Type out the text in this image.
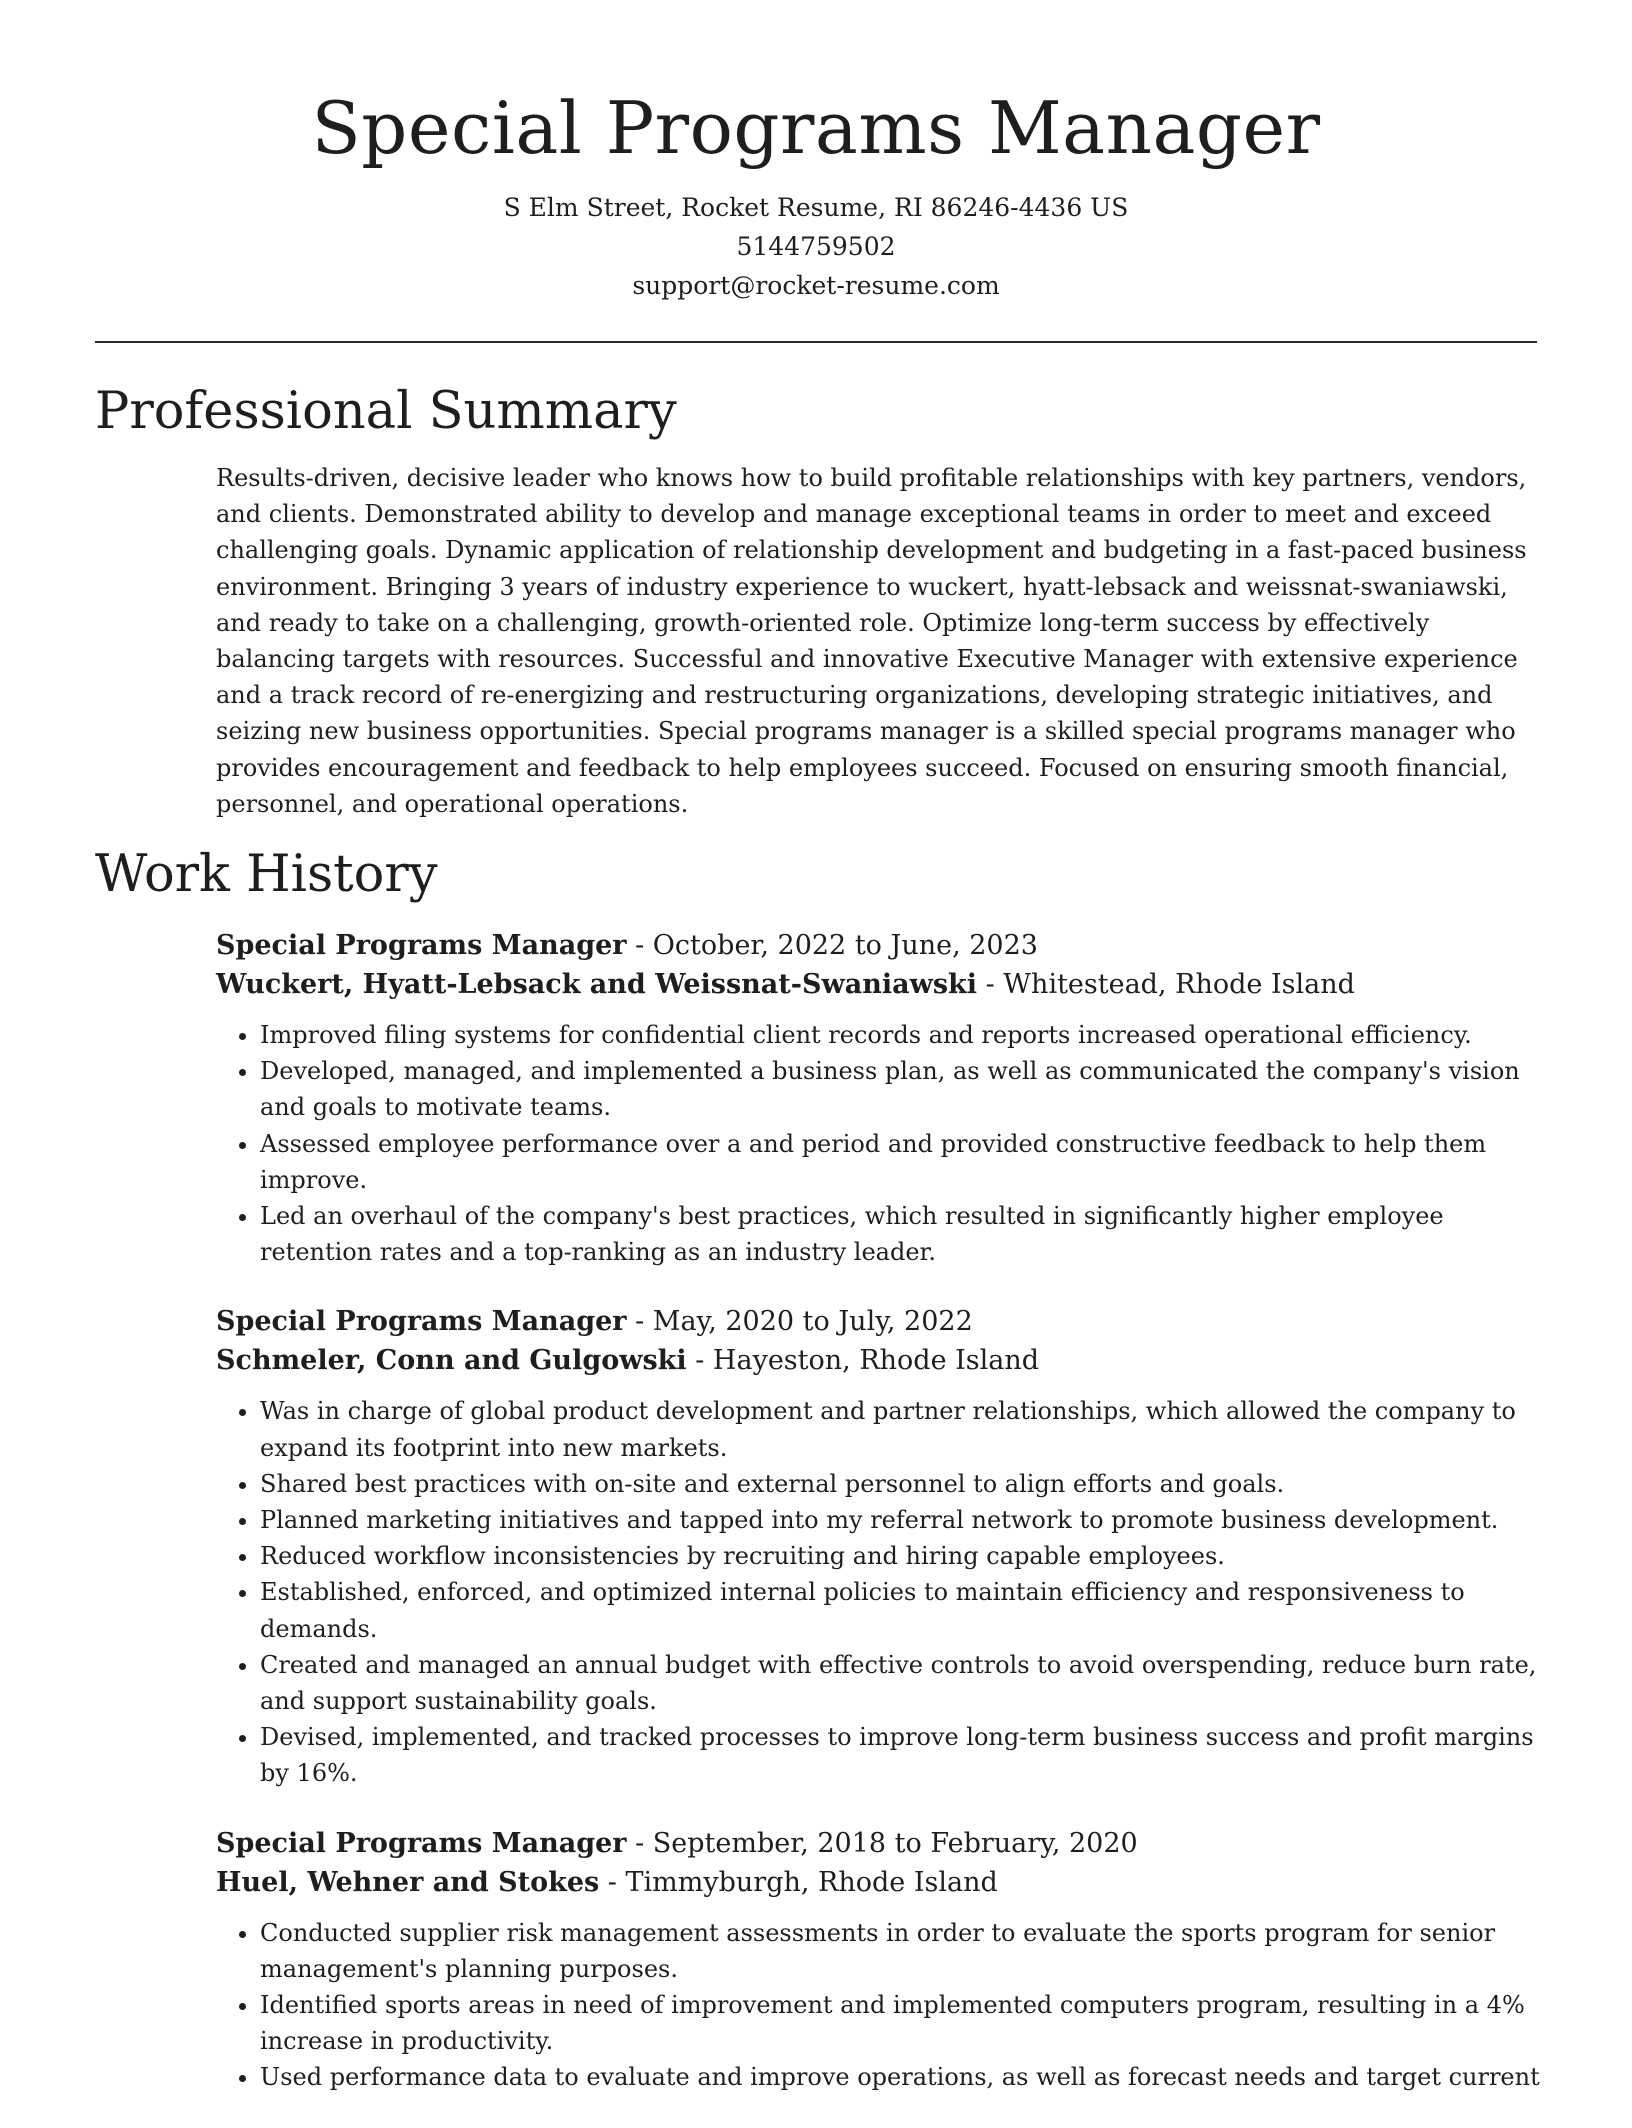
Special Programs Manager
S Elm Street, Rocket Resume, RI 86246-4436 US
5144759502
support@rocket-resume.com
Professional Summary

Results-driven, decisive leader who knows how to build profitable relationships with key partners, vendors, and clients. Demonstrated ability to develop and manage exceptional teams in order to meet and exceed challenging goals. Dynamic application of relationship development and budgeting in a fast-paced business environment. Bringing 3 years of industry experience to wuckert, hyatt-lebsack and weissnat-swaniawski, and ready to take on a challenging, growth-oriented role. Optimize long-term success by effectively balancing targets with resources. Successful and innovative Executive Manager with extensive experience and a track record of re-energizing and restructuring organizations, developing strategic initiatives, and seizing new business opportunities. Special programs manager is a skilled special programs manager who provides encouragement and feedback to help employees succeed. Focused on ensuring smooth financial, personnel, and operational operations.

Work History
Special Programs Manager - October, 2022 to June, 2023
Wuckert, Hyatt-Lebsack and Weissnat-Swaniawski - Whitestead, Rhode Island
• Improved filing systems for confidential client records and reports increased operational efficiency.
• Developed, managed, and implemented a business plan, as well as communicated the company's vision and goals to motivate teams.
• Assessed employee performance over a and period and provided constructive feedback to help them improve.
• Led an overhaul of the company's best practices, which resulted in significantly higher employee retention rates and a top-ranking as an industry leader.
Special Programs Manager - May, 2020 to July, 2022
Schmeler, Conn and Gulgowski - Hayeston, Rhode Island
• Was in charge of global product development and partner relationships, which allowed the company to expand its footprint into new markets.
• Shared best practices with on-site and external personnel to align efforts and goals.
• Planned marketing initiatives and tapped into my referral network to promote business development.
• Reduced workflow inconsistencies by recruiting and hiring capable employees.
• Established, enforced, and optimized internal policies to maintain efficiency and responsiveness to demands.
• Created and managed an annual budget with effective controls to avoid overspending, reduce burn rate, and support sustainability goals.
• Devised, implemented, and tracked processes to improve long-term business success and profit margins by 16%.
Special Programs Manager - September, 2018 to February, 2020
Huel, Wehner and Stokes - Timmyburgh, Rhode Island
• Conducted supplier risk management assessments in order to evaluate the sports program for senior management's planning purposes.
• Identified sports areas in need of improvement and implemented computers program, resulting in a 4% increase in productivity.
• Used performance data to evaluate and improve operations, as well as forecast needs and target current
